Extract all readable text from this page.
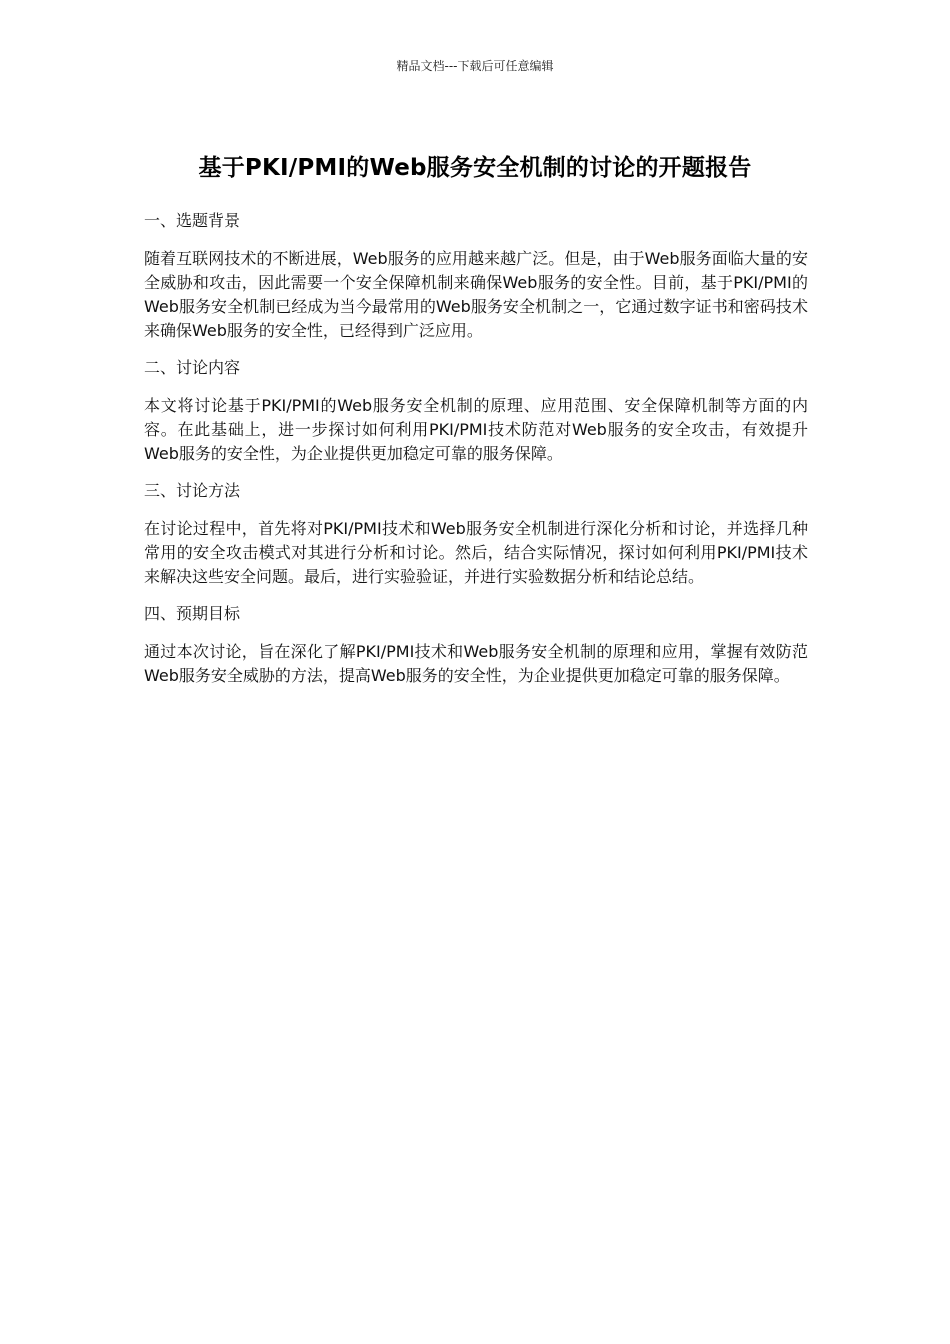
精品文档---下载后可任意编辑
基于PKI/PMI的Web服务安全机制的讨论的开题报告
一、选题背景

随着互联网技术的不断进展，Web服务的应用越来越广泛。但是，由于Web服务面临大量的安全威胁和攻击，因此需要一个安全保障机制来确保Web服务的安全性。目前，基于PKI/PMI的Web服务安全机制已经成为当今最常用的Web服务安全机制之一，它通过数字证书和密码技术来确保Web服务的安全性，已经得到广泛应用。

二、讨论内容

本文将讨论基于PKI/PMI的Web服务安全机制的原理、应用范围、安全保障机制等方面的内容。在此基础上，进一步探讨如何利用PKI/PMI技术防范对Web服务的安全攻击，有效提升Web服务的安全性，为企业提供更加稳定可靠的服务保障。

三、讨论方法

在讨论过程中，首先将对PKI/PMI技术和Web服务安全机制进行深化分析和讨论，并选择几种常用的安全攻击模式对其进行分析和讨论。然后，结合实际情况，探讨如何利用PKI/PMI技术来解决这些安全问题。最后，进行实验验证，并进行实验数据分析和结论总结。

四、预期目标

通过本次讨论，旨在深化了解PKI/PMI技术和Web服务安全机制的原理和应用，掌握有效防范Web服务安全威胁的方法，提高Web服务的安全性，为企业提供更加稳定可靠的服务保障。
